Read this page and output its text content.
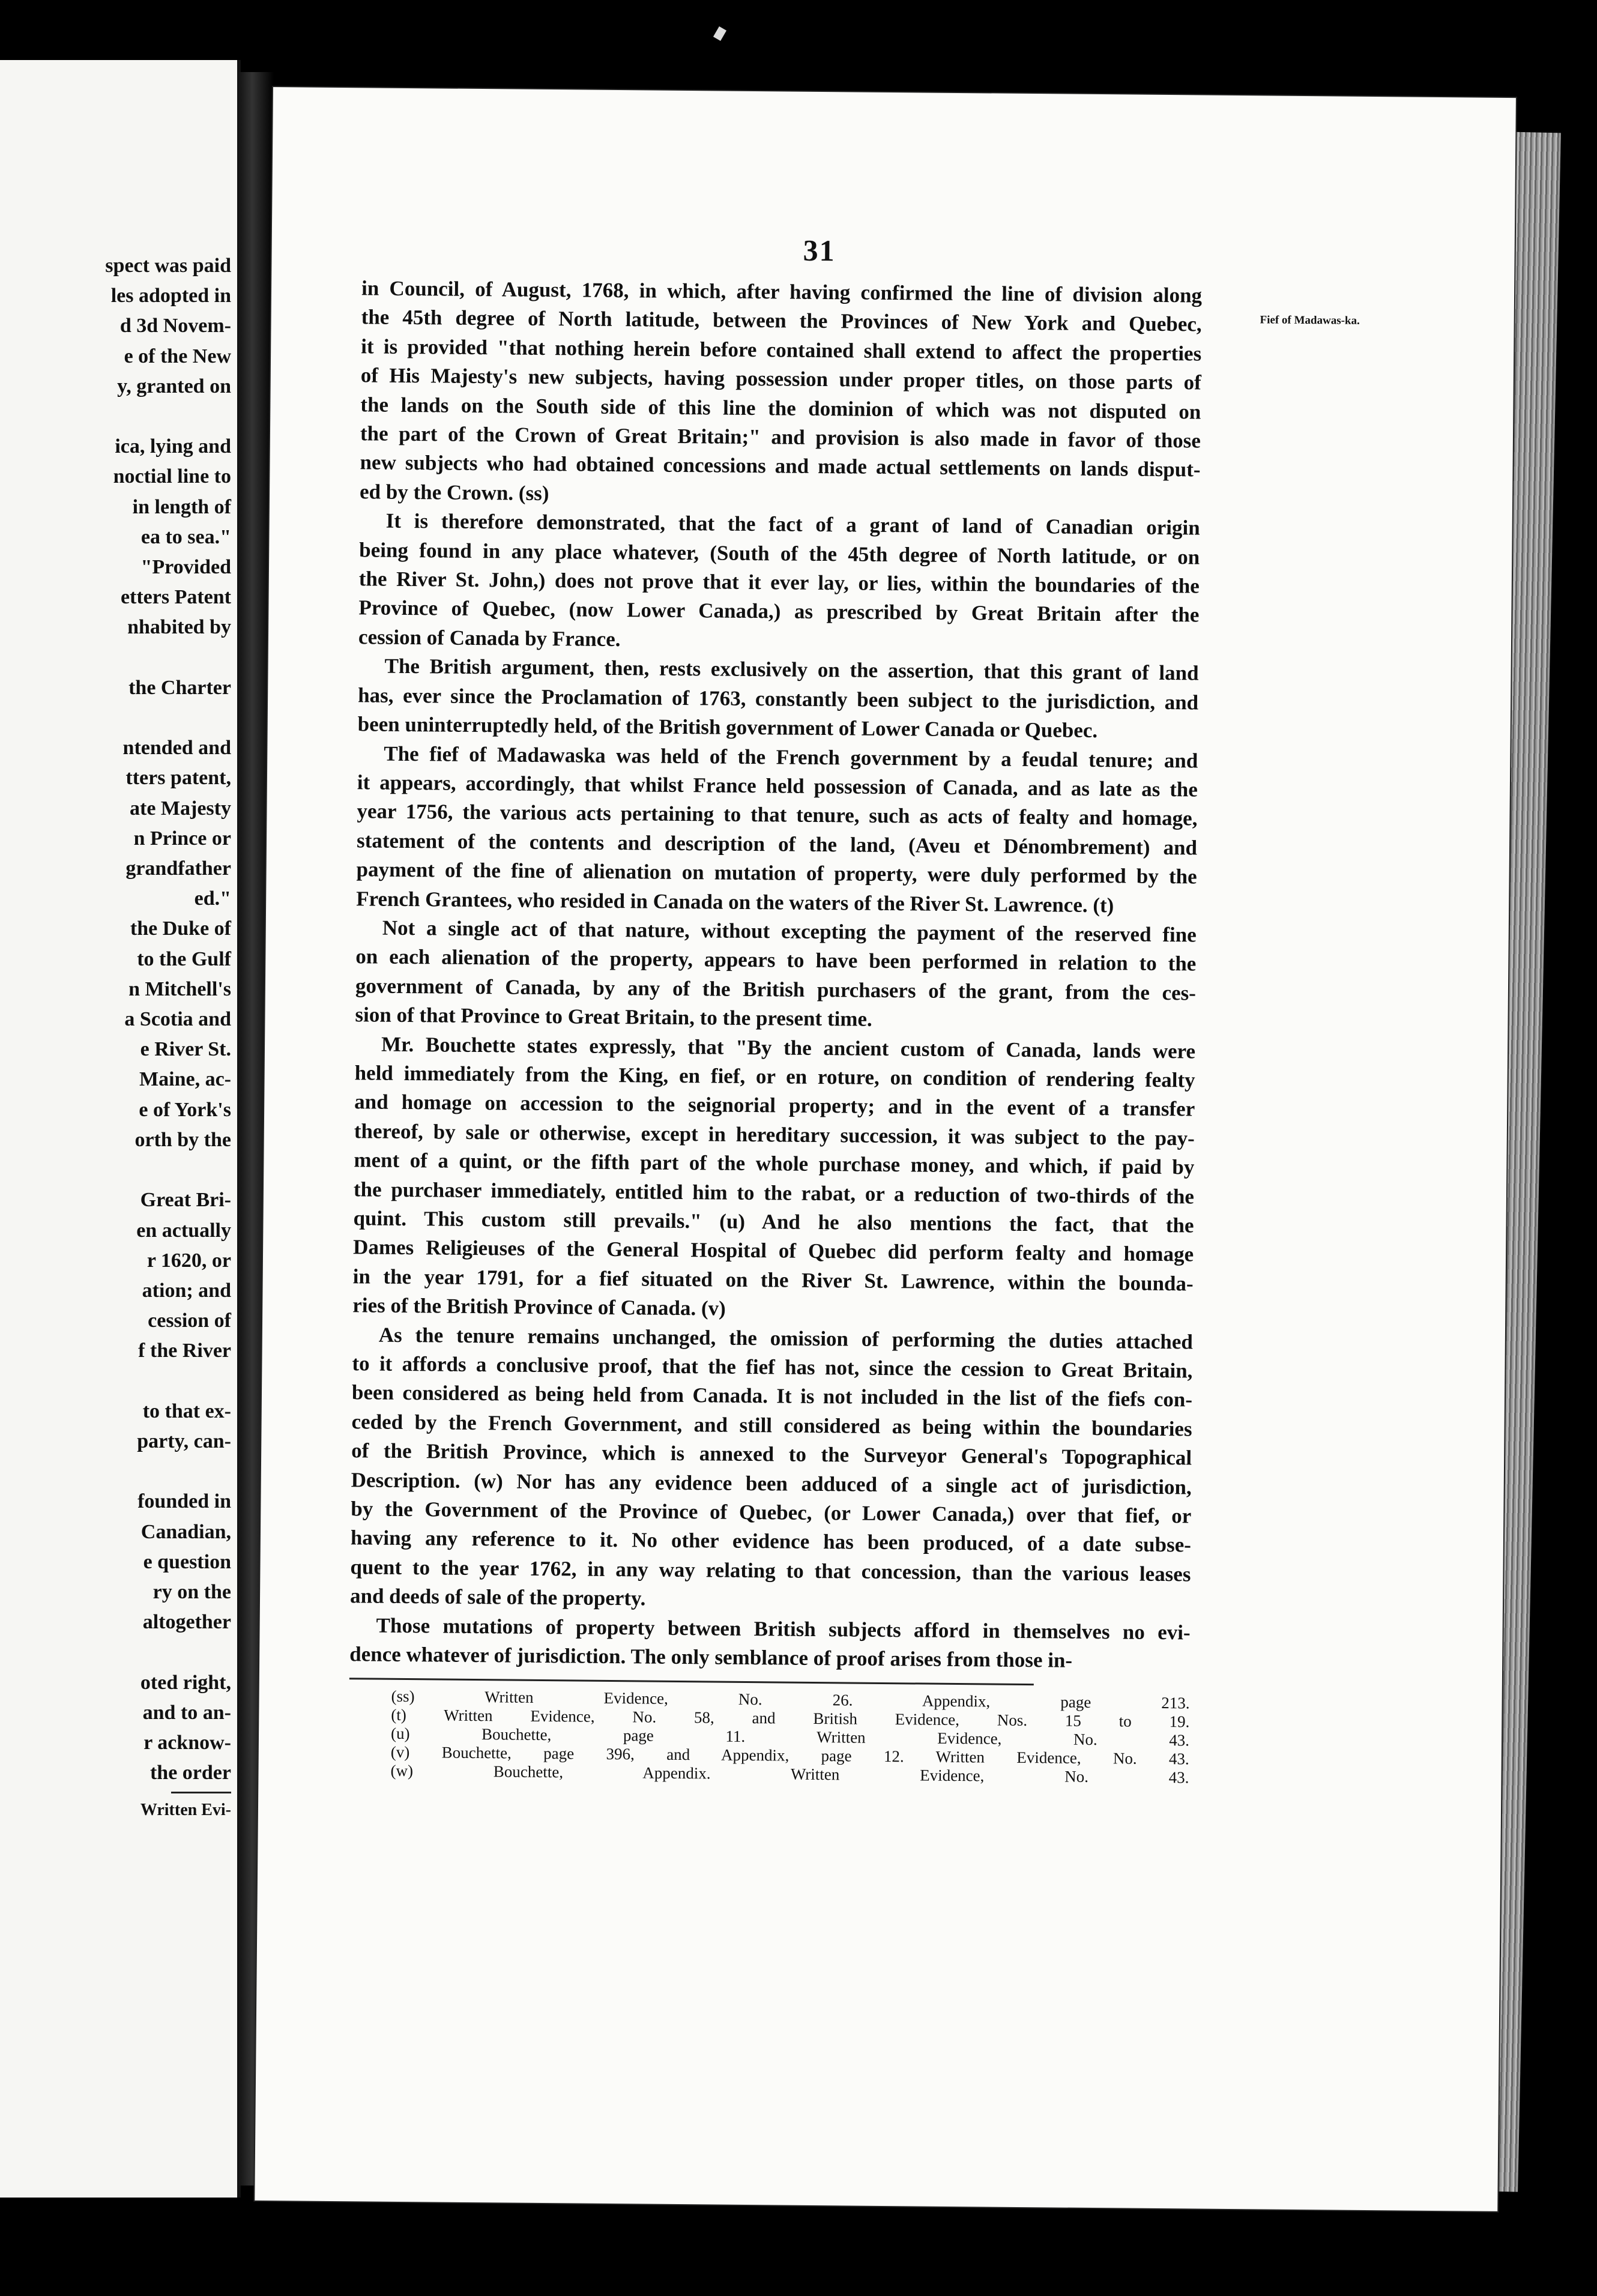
spect was paid
les adopted in
d 3d Novem-
e of the New
y, granted on

ica, lying and
noctial line to
in length of
ea to sea."
"Provided
etters Patent
nhabited by

the Charter

ntended and
tters patent,
ate Majesty
n Prince or
grandfather
ed."
the Duke of
to the Gulf
n Mitchell's
a Scotia and
e River St.
Maine, ac-
e of York's
orth by the

Great Bri-
en actually
r 1620, or
ation; and
cession of
f the River

to that ex-
party, can-

founded in
Canadian,
e question
ry on the
altogether

oted right,
and to an-
r acknow-
the order
Written Evi-
31
Fief of Madawas-ka.
in Council, of August, 1768, in which, after having confirmed the line of division along
the 45th degree of North latitude, between the Provinces of New York and Quebec,
it is provided "that nothing herein before contained shall extend to affect the properties
of His Majesty's new subjects, having possession under proper titles, on those parts of
the lands on the South side of this line the dominion of which was not disputed on
the part of the Crown of Great Britain;" and provision is also made in favor of those
new subjects who had obtained concessions and made actual settlements on lands disput-
ed by the Crown. (ss)
It is therefore demonstrated, that the fact of a grant of land of Canadian origin
being found in any place whatever, (South of the 45th degree of North latitude, or on
the River St. John,) does not prove that it ever lay, or lies, within the boundaries of the
Province of Quebec, (now Lower Canada,) as prescribed by Great Britain after the
cession of Canada by France.
The British argument, then, rests exclusively on the assertion, that this grant of land
has, ever since the Proclamation of 1763, constantly been subject to the jurisdiction, and
been uninterruptedly held, of the British government of Lower Canada or Quebec.
The fief of Madawaska was held of the French government by a feudal tenure; and
it appears, accordingly, that whilst France held possession of Canada, and as late as the
year 1756, the various acts pertaining to that tenure, such as acts of fealty and homage,
statement of the contents and description of the land, (Aveu et Dénombrement) and
payment of the fine of alienation on mutation of property, were duly performed by the
French Grantees, who resided in Canada on the waters of the River St. Lawrence. (t)
Not a single act of that nature, without excepting the payment of the reserved fine
on each alienation of the property, appears to have been performed in relation to the
government of Canada, by any of the British purchasers of the grant, from the ces-
sion of that Province to Great Britain, to the present time.
Mr. Bouchette states expressly, that "By the ancient custom of Canada, lands were
held immediately from the King, en fief, or en roture, on condition of rendering fealty
and homage on accession to the seignorial property; and in the event of a transfer
thereof, by sale or otherwise, except in hereditary succession, it was subject to the pay-
ment of a quint, or the fifth part of the whole purchase money, and which, if paid by
the purchaser immediately, entitled him to the rabat, or a reduction of two-thirds of the
quint. This custom still prevails." (u) And he also mentions the fact, that the
Dames Religieuses of the General Hospital of Quebec did perform fealty and homage
in the year 1791, for a fief situated on the River St. Lawrence, within the bounda-
ries of the British Province of Canada. (v)
As the tenure remains unchanged, the omission of performing the duties attached
to it affords a conclusive proof, that the fief has not, since the cession to Great Britain,
been considered as being held from Canada. It is not included in the list of the fiefs con-
ceded by the French Government, and still considered as being within the boundaries
of the British Province, which is annexed to the Surveyor General's Topographical
Description. (w) Nor has any evidence been adduced of a single act of jurisdiction,
by the Government of the Province of Quebec, (or Lower Canada,) over that fief, or
having any reference to it. No other evidence has been produced, of a date subse-
quent to the year 1762, in any way relating to that concession, than the various leases
and deeds of sale of the property.
Those mutations of property between British subjects afford in themselves no evi-
dence whatever of jurisdiction. The only semblance of proof arises from those in-
(ss) Written Evidence, No. 26. Appendix, page 213.
(t) Written Evidence, No. 58, and British Evidence, Nos. 15 to 19.
(u) Bouchette, page 11. Written Evidence, No. 43.
(v) Bouchette, page 396, and Appendix, page 12. Written Evidence, No. 43.
(w) Bouchette, Appendix. Written Evidence, No. 43.
